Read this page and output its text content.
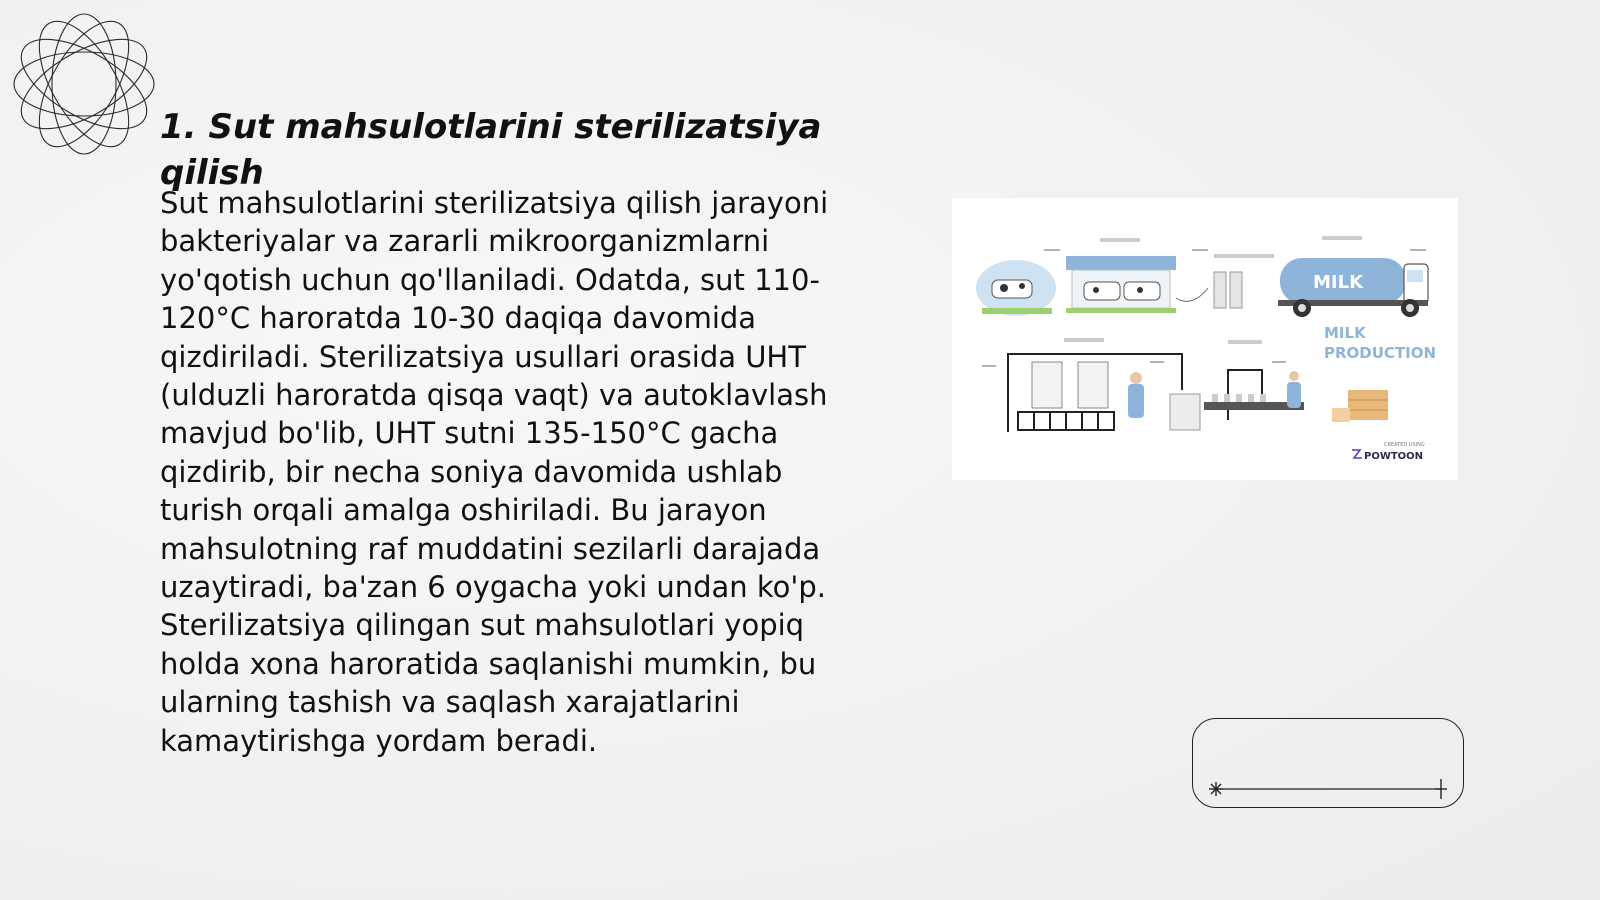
1. Sut mahsulotlarini sterilizatsiya qilish

Sut mahsulotlarini sterilizatsiya qilish jarayoni bakteriyalar va zararli mikroorganizmlarni yo'qotish uchun qo'llaniladi. Odatda, sut 110-120°C haroratda 10-30 daqiqa davomida qizdiriladi. Sterilizatsiya usullari orasida UHT (ulduzli haroratda qisqa vaqt) va autoklavlash mavjud bo'lib, UHT sutni 135-150°C gacha qizdirib, bir necha soniya davomida ushlab turish orqali amalga oshiriladi. Bu jarayon mahsulotning raf muddatini sezilarli darajada uzaytiradi, ba'zan 6 oygacha yoki undan ko'p. Sterilizatsiya qilingan sut mahsulotlari yopiq holda xona haroratida saqlanishi mumkin, bu ularning tashish va saqlash xarajatlarini kamaytirishga yordam beradi.

MILK
MILK
PRODUCTION
CREATED USING
POWTOON
